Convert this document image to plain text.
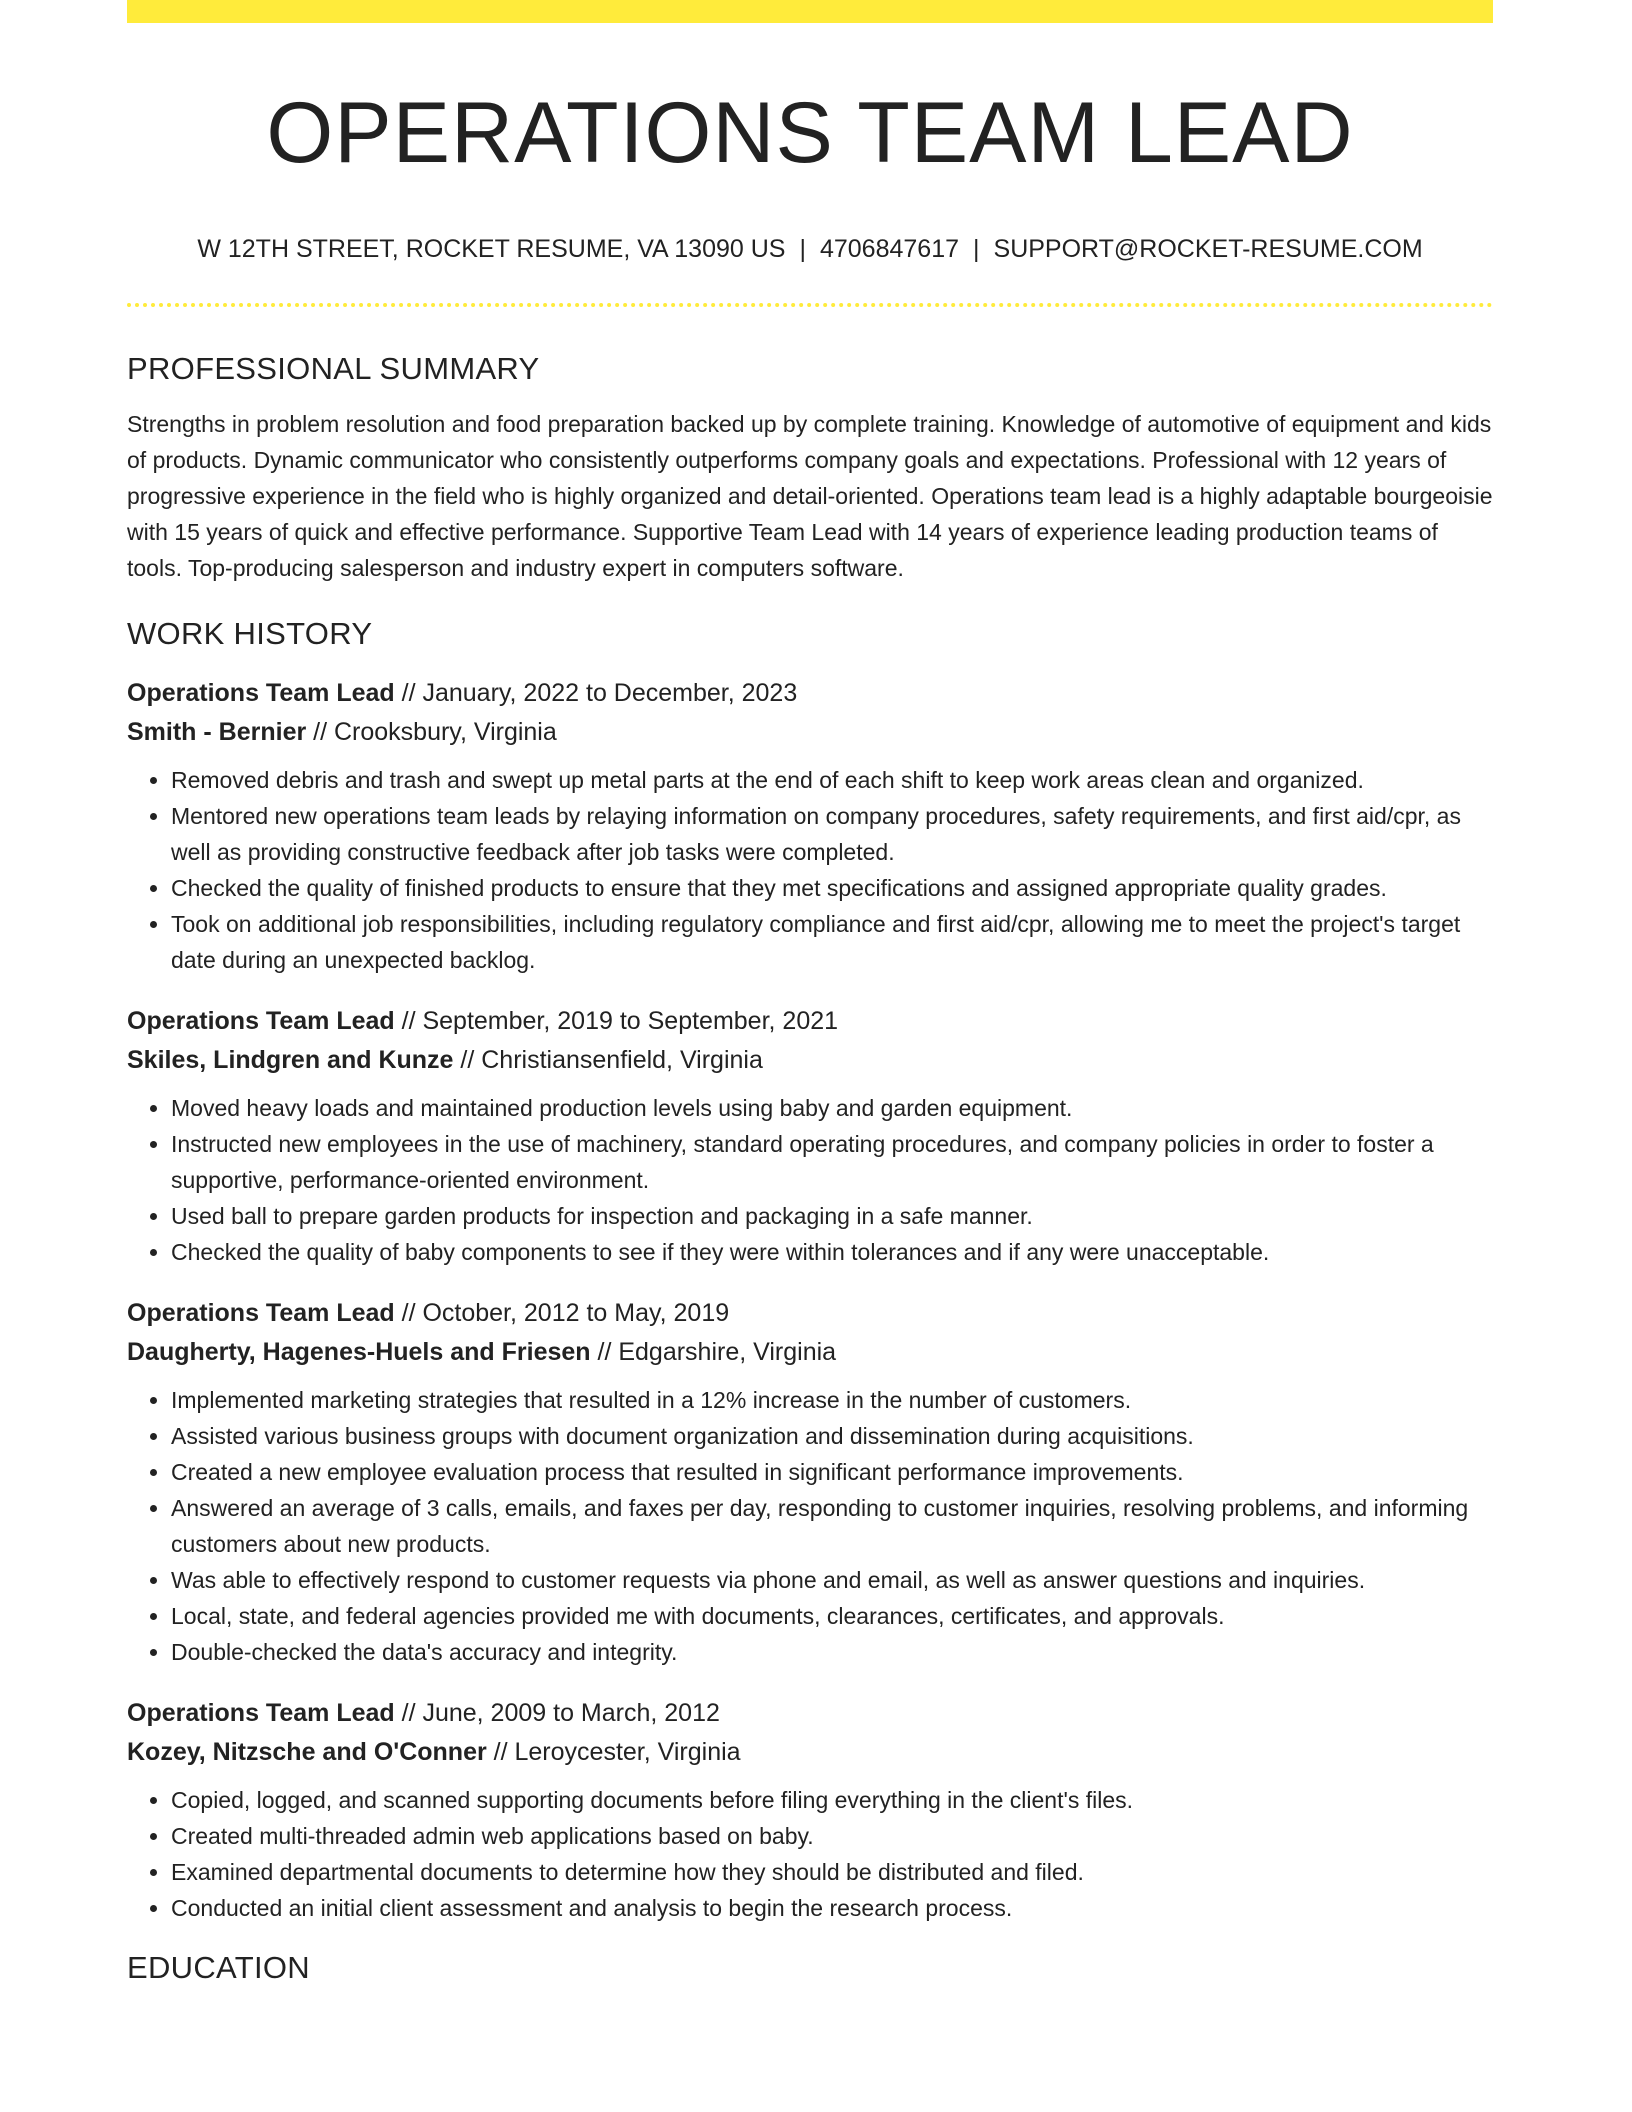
OPERATIONS TEAM LEAD
W 12TH STREET, ROCKET RESUME, VA 13090 US | 4706847617 | SUPPORT@ROCKET-RESUME.COM
PROFESSIONAL SUMMARY

Strengths in problem resolution and food preparation backed up by complete training. Knowledge of automotive of equipment and kids of products. Dynamic communicator who consistently outperforms company goals and expectations. Professional with 12 years of progressive experience in the field who is highly organized and detail-oriented. Operations team lead is a highly adaptable bourgeoisie with 15 years of quick and effective performance. Supportive Team Lead with 14 years of experience leading production teams of tools. Top-producing salesperson and industry expert in computers software.

WORK HISTORY

Operations Team Lead // January, 2022 to December, 2023

Smith - Bernier // Crooksbury, Virginia

• Removed debris and trash and swept up metal parts at the end of each shift to keep work areas clean and organized.
• Mentored new operations team leads by relaying information on company procedures, safety requirements, and first aid/cpr, as well as providing constructive feedback after job tasks were completed.
• Checked the quality of finished products to ensure that they met specifications and assigned appropriate quality grades.
• Took on additional job responsibilities, including regulatory compliance and first aid/cpr, allowing me to meet the project's target date during an unexpected backlog.

Operations Team Lead // September, 2019 to September, 2021

Skiles, Lindgren and Kunze // Christiansenfield, Virginia

• Moved heavy loads and maintained production levels using baby and garden equipment.
• Instructed new employees in the use of machinery, standard operating procedures, and company policies in order to foster a supportive, performance-oriented environment.
• Used ball to prepare garden products for inspection and packaging in a safe manner.
• Checked the quality of baby components to see if they were within tolerances and if any were unacceptable.

Operations Team Lead // October, 2012 to May, 2019

Daugherty, Hagenes-Huels and Friesen // Edgarshire, Virginia

• Implemented marketing strategies that resulted in a 12% increase in the number of customers.
• Assisted various business groups with document organization and dissemination during acquisitions.
• Created a new employee evaluation process that resulted in significant performance improvements.
• Answered an average of 3 calls, emails, and faxes per day, responding to customer inquiries, resolving problems, and informing customers about new products.
• Was able to effectively respond to customer requests via phone and email, as well as answer questions and inquiries.
• Local, state, and federal agencies provided me with documents, clearances, certificates, and approvals.
• Double-checked the data's accuracy and integrity.

Operations Team Lead // June, 2009 to March, 2012

Kozey, Nitzsche and O'Conner // Leroycester, Virginia

• Copied, logged, and scanned supporting documents before filing everything in the client's files.
• Created multi-threaded admin web applications based on baby.
• Examined departmental documents to determine how they should be distributed and filed.
• Conducted an initial client assessment and analysis to begin the research process.
EDUCATION
